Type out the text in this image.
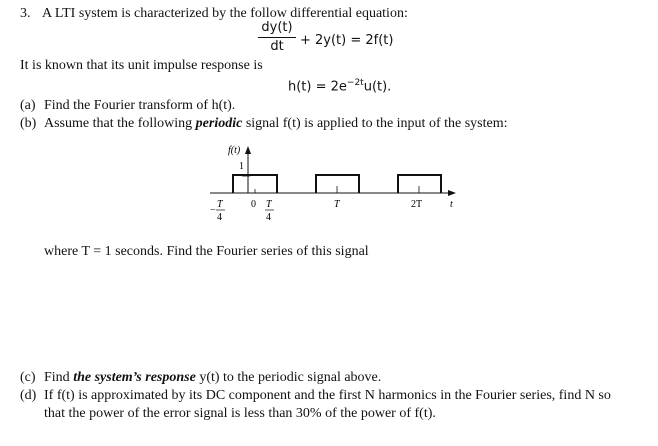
3. A LTI system is characterized by the follow differential equation:
dy(t)
dt	+ 2y(t) = 2f(t)
It is known that its unit impulse response is
$h(t) = 2e^{-2t}u(t)$.
(a) Find the Fourier transform of h(t).
(b) Assume that the following periodic signal f(t) is applied to the input of the system:
f(t)
1
−
T
4
0 T
4
T	2T	t
where T = 1 seconds. Find the Fourier series of this signal
(c) Find the system’s response y(t) to the periodic signal above.
(d) If f(t) is approximated by its DC component and the first N harmonics in the Fourier series, find N so
that the power of the error signal is less than 30% of the power of f(t).
